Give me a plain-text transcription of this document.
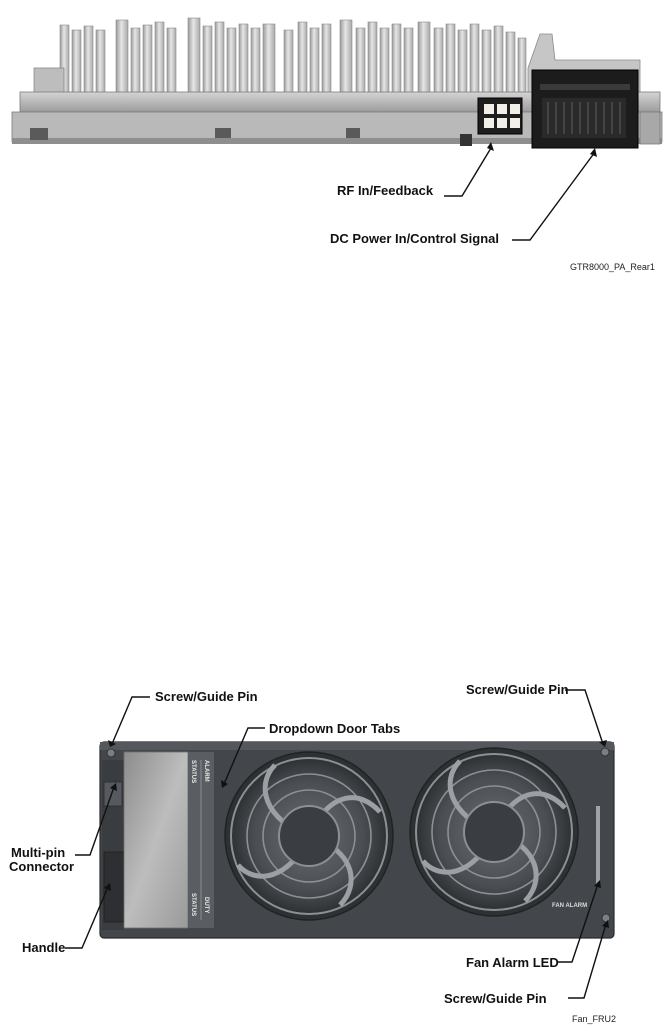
RF In/Feedback
DC Power In/Control Signal
GTR8000_PA_Rear1
ALARM
STATUS
STATUS DUTY	FAN ALARM
Screw/Guide Pin	Screw/Guide Pin
Dropdown Door Tabs
Multi-pin
Connector
Handle
Fan Alarm LED
Screw/Guide Pin
Fan_FRU2
